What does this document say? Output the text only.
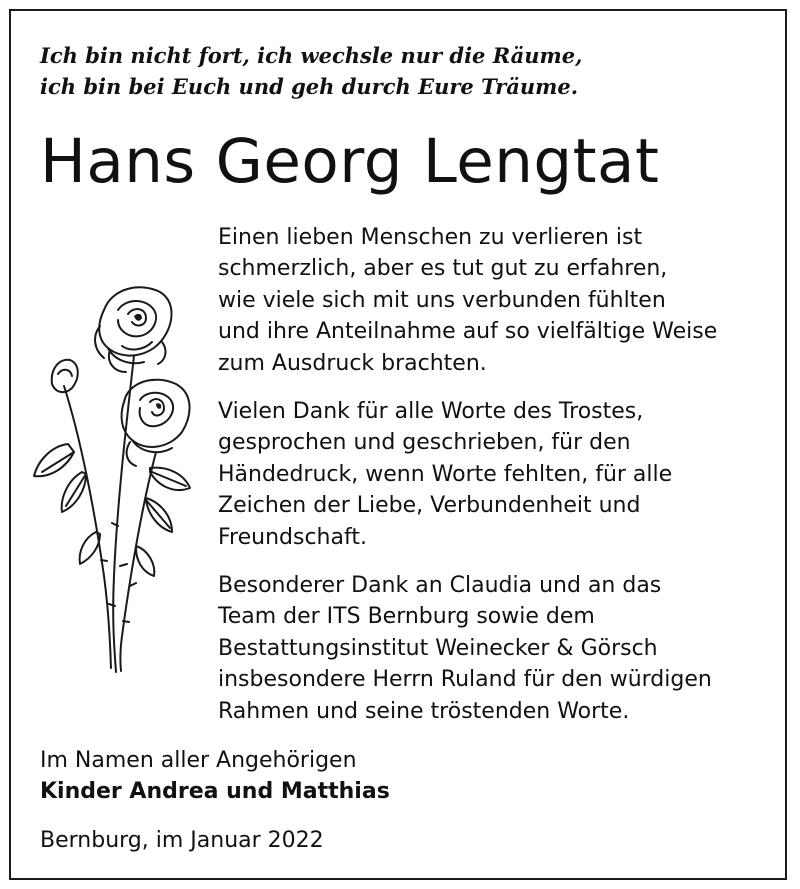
Ich bin nicht fort, ich wechsle nur die Räume,
ich bin bei Euch und geh durch Eure Träume.
Hans Georg Lengtat

Einen lieben Menschen zu verlieren ist
schmerzlich, aber es tut gut zu erfahren,
wie viele sich mit uns verbunden fühlten
und ihre Anteilnahme auf so vielfältige Weise
zum Ausdruck brachten.

Vielen Dank für alle Worte des Trostes,
gesprochen und geschrieben, für den
Händedruck, wenn Worte fehlten, für alle
Zeichen der Liebe, Verbundenheit und
Freundschaft.

Besonderer Dank an Claudia und an das
Team der ITS Bernburg sowie dem
Bestattungsinstitut Weinecker & Görsch
insbesondere Herrn Ruland für den würdigen
Rahmen und seine tröstenden Worte.

Im Namen aller Angehörigen
Kinder Andrea und Matthias
Bernburg, im Januar 2022
